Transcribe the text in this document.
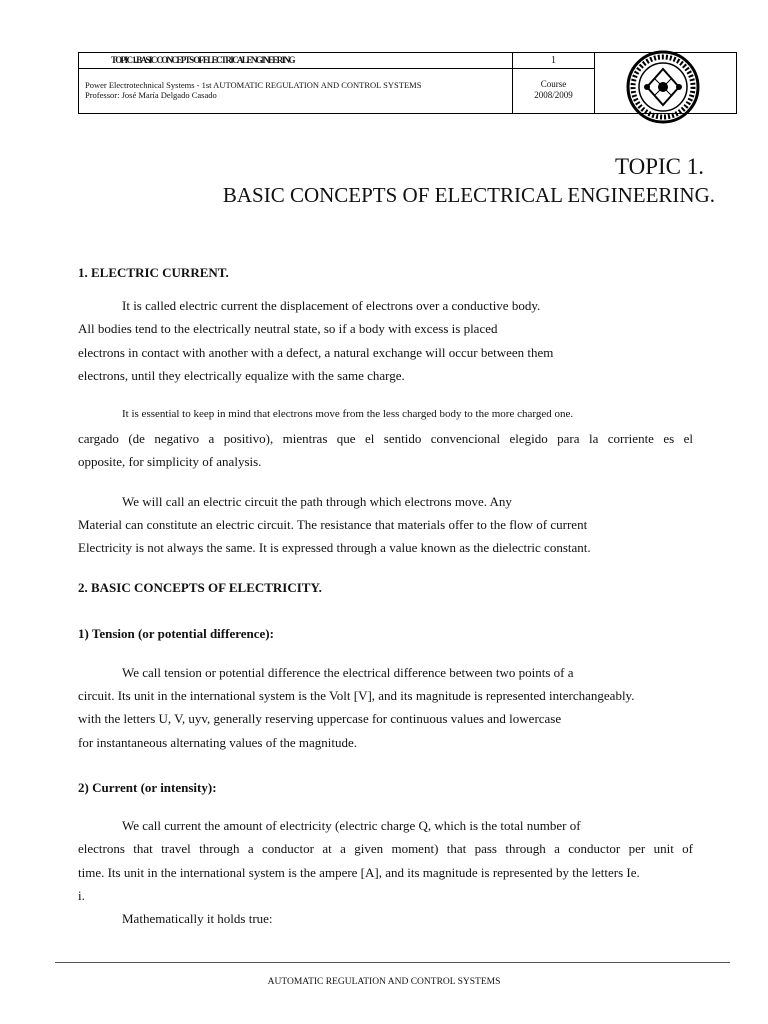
TOPIC 1. BASIC CONCEPTS OF ELECTRICAL ENGINEERING	1
Power Electrotechnical Systems - 1st AUTOMATIC REGULATION AND CONTROL SYSTEMS
Professor: José María Delgado Casado
Course
2008/2009
TOPIC 1.
BASIC CONCEPTS OF ELECTRICAL ENGINEERING.
1. ELECTRIC CURRENT.
It is called electric current the displacement of electrons over a conductive body.
All bodies tend to the electrically neutral state, so if a body with excess is placed
electrons in contact with another with a defect, a natural exchange will occur between them
electrons, until they electrically equalize with the same charge.
It is essential to keep in mind that electrons move from the less charged body to the more charged one.
cargado (de negativo a positivo), mientras que el sentido convencional elegido para la corriente es el
opposite, for simplicity of analysis.
We will call an electric circuit the path through which electrons move. Any
Material can constitute an electric circuit. The resistance that materials offer to the flow of current
Electricity is not always the same. It is expressed through a value known as the dielectric constant.
2. BASIC CONCEPTS OF ELECTRICITY.
1) Tension (or potential difference):
We call tension or potential difference the electrical difference between two points of a
circuit. Its unit in the international system is the Volt [V], and its magnitude is represented interchangeably.
with the letters U, V, uyv, generally reserving uppercase for continuous values and lowercase
for instantaneous alternating values of the magnitude.
2) Current (or intensity):
We call current the amount of electricity (electric charge Q, which is the total number of
electrons that travel through a conductor at a given moment) that pass through a conductor per unit of
time. Its unit in the international system is the ampere [A], and its magnitude is represented by the letters Ie.
i.
Mathematically it holds true:
AUTOMATIC REGULATION AND CONTROL SYSTEMS
